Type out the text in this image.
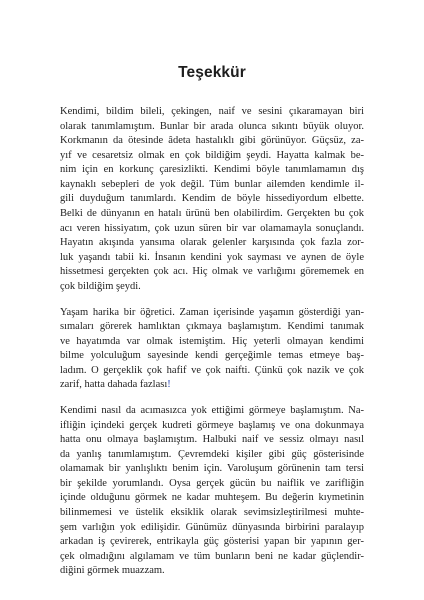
Teşekkür
Kendimi, bildim bileli, çekingen, naif ve sesini çıkaramayan biri
olarak tanımlamıştım. Bunlar bir arada olunca sıkıntı büyük oluyor.
Korkmanın da ötesinde âdeta hastalıklı gibi görünüyor. Güçsüz, za-
yıf ve cesaretsiz olmak en çok bildiğim şeydi. Hayatta kalmak be-
nim için en korkunç çaresizlikti. Kendimi böyle tanımlamamın dış
kaynaklı sebepleri de yok değil. Tüm bunlar ailemden kendimle il-
gili duyduğum tanımlardı. Kendim de böyle hissediyordum elbette.
Belki de dünyanın en hatalı ürünü ben olabilirdim. Gerçekten bu çok
acı veren hissiyatım, çok uzun süren bir var olamamayla sonuçlandı.
Hayatın akışında yansıma olarak gelenler karşısında çok fazla zor-
luk yaşandı tabii ki. İnsanın kendini yok sayması ve aynen de öyle
hissetmesi gerçekten çok acı. Hiç olmak ve varlığımı görememek en
çok bildiğim şeydi.
Yaşam harika bir öğretici. Zaman içerisinde yaşamın gösterdiği yan-
sımaları görerek hamlıktan çıkmaya başlamıştım. Kendimi tanımak
ve hayatımda var olmak istemiştim. Hiç yeterli olmayan kendimi
bilme yolculuğum sayesinde kendi gerçeğimle temas etmeye baş-
ladım. O gerçeklik çok hafif ve çok naifti. Çünkü çok nazik ve çok
zarif, hatta dahada fazlası!
Kendimi nasıl da acımasızca yok ettiğimi görmeye başlamıştım. Na-
ifliğin içindeki gerçek kudreti görmeye başlamış ve ona dokunmaya
hatta onu olmaya başlamıştım. Halbuki naif ve sessiz olmayı nasıl
da yanlış tanımlamıştım. Çevremdeki kişiler gibi güç gösterisinde
olamamak bir yanlışlıktı benim için. Varoluşum görünenin tam tersi
bir şekilde yorumlandı. Oysa gerçek gücün bu naiflik ve zarifliğin
içinde olduğunu görmek ne kadar muhteşem. Bu değerin kıymetinin
bilinmemesi ve üstelik eksiklik olarak sevimsizleştirilmesi muhte-
şem varlığın yok edilişidir. Günümüz dünyasında birbirini paralayıp
arkadan iş çevirerek, entrikayla güç gösterisi yapan bir yapının ger-
çek olmadığını algılamam ve tüm bunların beni ne kadar güçlendir-
diğini görmek muazzam.
